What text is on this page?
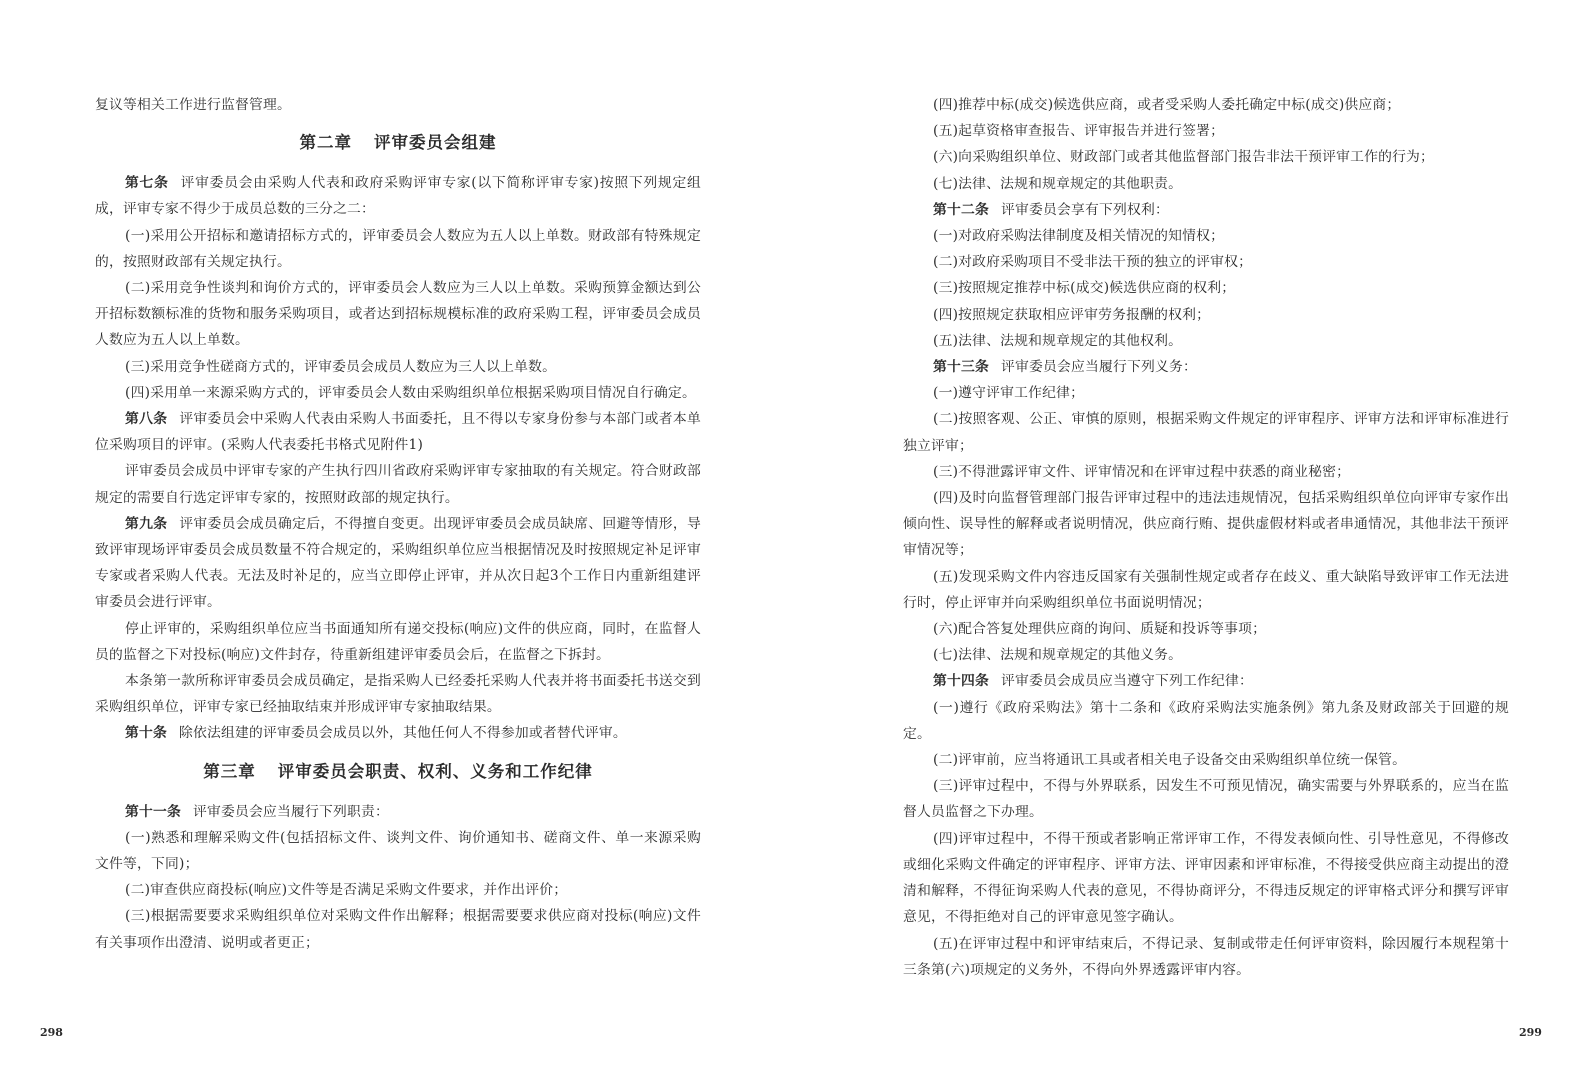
复议等相关工作进行监督管理。

第二章 评审委员会组建

第七条 评审委员会由采购人代表和政府采购评审专家(以下简称评审专家)按照下列规定组成，评审专家不得少于成员总数的三分之二：

(一)采用公开招标和邀请招标方式的，评审委员会人数应为五人以上单数。财政部有特殊规定的，按照财政部有关规定执行。

(二)采用竞争性谈判和询价方式的，评审委员会人数应为三人以上单数。采购预算金额达到公开招标数额标准的货物和服务采购项目，或者达到招标规模标准的政府采购工程，评审委员会成员人数应为五人以上单数。

(三)采用竞争性磋商方式的，评审委员会成员人数应为三人以上单数。

(四)采用单一来源采购方式的，评审委员会人数由采购组织单位根据采购项目情况自行确定。

第八条 评审委员会中采购人代表由采购人书面委托，且不得以专家身份参与本部门或者本单位采购项目的评审。(采购人代表委托书格式见附件1)

评审委员会成员中评审专家的产生执行四川省政府采购评审专家抽取的有关规定。符合财政部规定的需要自行选定评审专家的，按照财政部的规定执行。

第九条 评审委员会成员确定后，不得擅自变更。出现评审委员会成员缺席、回避等情形，导致评审现场评审委员会成员数量不符合规定的，采购组织单位应当根据情况及时按照规定补足评审专家或者采购人代表。无法及时补足的，应当立即停止评审，并从次日起3个工作日内重新组建评审委员会进行评审。

停止评审的，采购组织单位应当书面通知所有递交投标(响应)文件的供应商，同时，在监督人员的监督之下对投标(响应)文件封存，待重新组建评审委员会后，在监督之下拆封。

本条第一款所称评审委员会成员确定，是指采购人已经委托采购人代表并将书面委托书送交到采购组织单位，评审专家已经抽取结束并形成评审专家抽取结果。

第十条 除依法组建的评审委员会成员以外，其他任何人不得参加或者替代评审。

第三章 评审委员会职责、权利、义务和工作纪律

第十一条 评审委员会应当履行下列职责：

(一)熟悉和理解采购文件(包括招标文件、谈判文件、询价通知书、磋商文件、单一来源采购文件等，下同)；

(二)审查供应商投标(响应)文件等是否满足采购文件要求，并作出评价；

(三)根据需要要求采购组织单位对采购文件作出解释；根据需要要求供应商对投标(响应)文件有关事项作出澄清、说明或者更正；

(四)推荐中标(成交)候选供应商，或者受采购人委托确定中标(成交)供应商；

(五)起草资格审查报告、评审报告并进行签署；

(六)向采购组织单位、财政部门或者其他监督部门报告非法干预评审工作的行为；

(七)法律、法规和规章规定的其他职责。

第十二条 评审委员会享有下列权利：

(一)对政府采购法律制度及相关情况的知情权；

(二)对政府采购项目不受非法干预的独立的评审权；

(三)按照规定推荐中标(成交)候选供应商的权利；

(四)按照规定获取相应评审劳务报酬的权利；

(五)法律、法规和规章规定的其他权利。

第十三条 评审委员会应当履行下列义务：

(一)遵守评审工作纪律；

(二)按照客观、公正、审慎的原则，根据采购文件规定的评审程序、评审方法和评审标准进行独立评审；

(三)不得泄露评审文件、评审情况和在评审过程中获悉的商业秘密；

(四)及时向监督管理部门报告评审过程中的违法违规情况，包括采购组织单位向评审专家作出倾向性、误导性的解释或者说明情况，供应商行贿、提供虚假材料或者串通情况，其他非法干预评审情况等；

(五)发现采购文件内容违反国家有关强制性规定或者存在歧义、重大缺陷导致评审工作无法进行时，停止评审并向采购组织单位书面说明情况；

(六)配合答复处理供应商的询问、质疑和投诉等事项；

(七)法律、法规和规章规定的其他义务。

第十四条 评审委员会成员应当遵守下列工作纪律：

(一)遵行《政府采购法》第十二条和《政府采购法实施条例》第九条及财政部关于回避的规定。

(二)评审前，应当将通讯工具或者相关电子设备交由采购组织单位统一保管。

(三)评审过程中，不得与外界联系，因发生不可预见情况，确实需要与外界联系的，应当在监督人员监督之下办理。

(四)评审过程中，不得干预或者影响正常评审工作，不得发表倾向性、引导性意见，不得修改或细化采购文件确定的评审程序、评审方法、评审因素和评审标准，不得接受供应商主动提出的澄清和解释，不得征询采购人代表的意见，不得协商评分，不得违反规定的评审格式评分和撰写评审意见，不得拒绝对自己的评审意见签字确认。

(五)在评审过程中和评审结束后，不得记录、复制或带走任何评审资料，除因履行本规程第十三条第(六)项规定的义务外，不得向外界透露评审内容。

298	299
